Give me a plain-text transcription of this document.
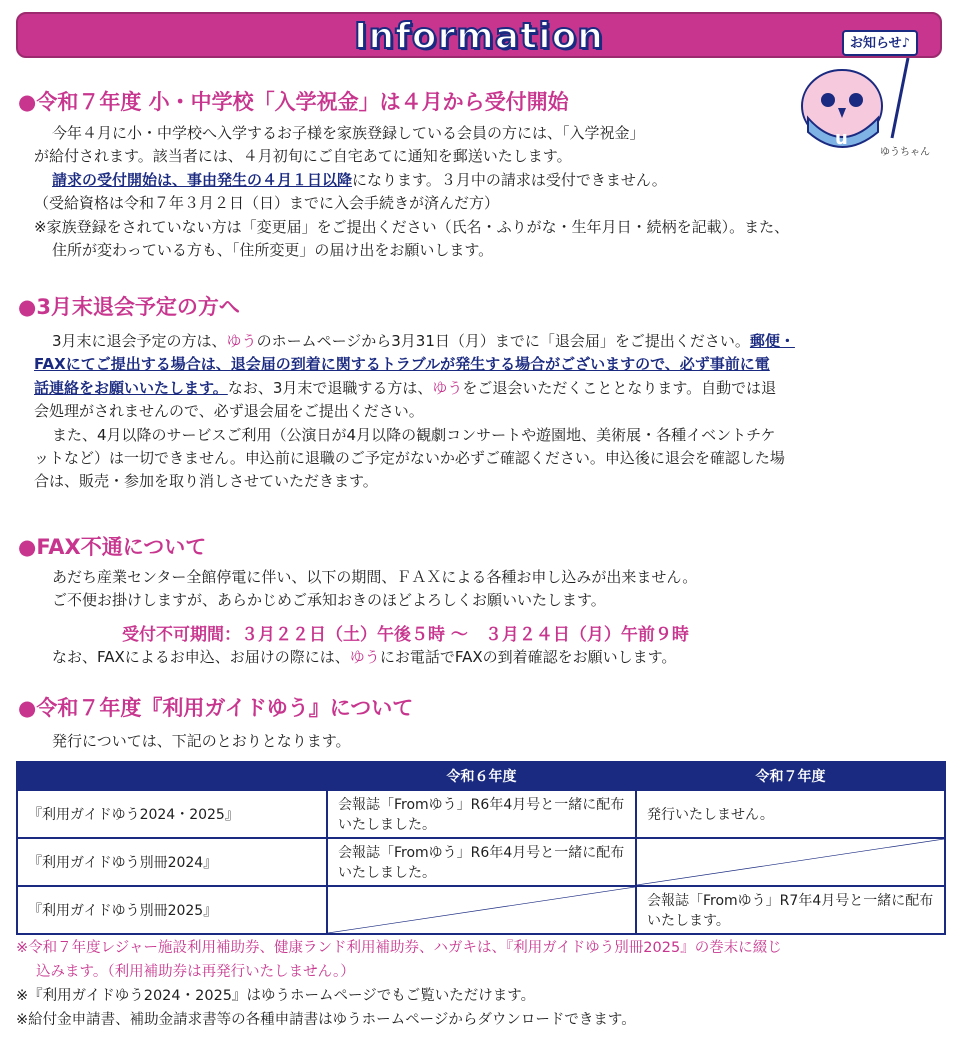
Information	お知らせ♪
u
ゆうちゃん
●令和７年度 小・中学校「入学祝金」は４月から受付開始

今年４月に小・中学校へ入学するお子様を家族登録している会員の方には、「入学祝金」

が給付されます。該当者には、４月初旬にご自宅あてに通知を郵送いたします。

請求の受付開始は、事由発生の４月１日以降になります。３月中の請求は受付できません。

（受給資格は令和７年３月２日（日）までに入会手続きが済んだ方）

※家族登録をされていない方は「変更届」をご提出ください（氏名・ふりがな・生年月日・続柄を記載）。また、

住所が変わっている方も、「住所変更」の届け出をお願いします。

●3月末退会予定の方へ

3月末に退会予定の方は、ゆうのホームページから3月31日（月）までに「退会届」をご提出ください。郵便・

FAXにてご提出する場合は、退会届の到着に関するトラブルが発生する場合がございますので、必ず事前に電

話連絡をお願いいたします。なお、3月末で退職する方は、ゆうをご退会いただくこととなります。自動では退

会処理がされませんので、必ず退会届をご提出ください。

また、4月以降のサービスご利用（公演日が4月以降の観劇コンサートや遊園地、美術展・各種イベントチケ

ットなど）は一切できません。申込前に退職のご予定がないか必ずご確認ください。申込後に退会を確認した場

合は、販売・参加を取り消しさせていただきます。

●FAX不通について

あだち産業センター全館停電に伴い、以下の期間、ＦＡＸによる各種お申し込みが出来ません。

ご不便お掛けしますが、あらかじめご承知おきのほどよろしくお願いいたします。

受付不可期間：３月２２日（土）午後５時 ～　３月２４日（月）午前９時

なお、FAXによるお申込、お届けの際には、ゆうにお電話でFAXの到着確認をお願いします。

●令和７年度『利用ガイドゆう』について

発行については、下記のとおりとなります。

	令和６年度	令和７年度
『利用ガイドゆう2024・2025』	会報誌「Fromゆう」R6年4月号と一緒に配布いたしました。	発行いたしません。
『利用ガイドゆう別冊2024』	会報誌「Fromゆう」R6年4月号と一緒に配布いたしました。	

『利用ガイドゆう別冊2025』		会報誌「Fromゆう」R7年4月号と一緒に配布いたします。

※令和７年度レジャー施設利用補助券、健康ランド利用補助券、ハガキは、『利用ガイドゆう別冊2025』の巻末に綴じ

込みます。（利用補助券は再発行いたしません。）

※『利用ガイドゆう2024・2025』はゆうホームページでもご覧いただけます。

※給付金申請書、補助金請求書等の各種申請書はゆうホームページからダウンロードできます。
